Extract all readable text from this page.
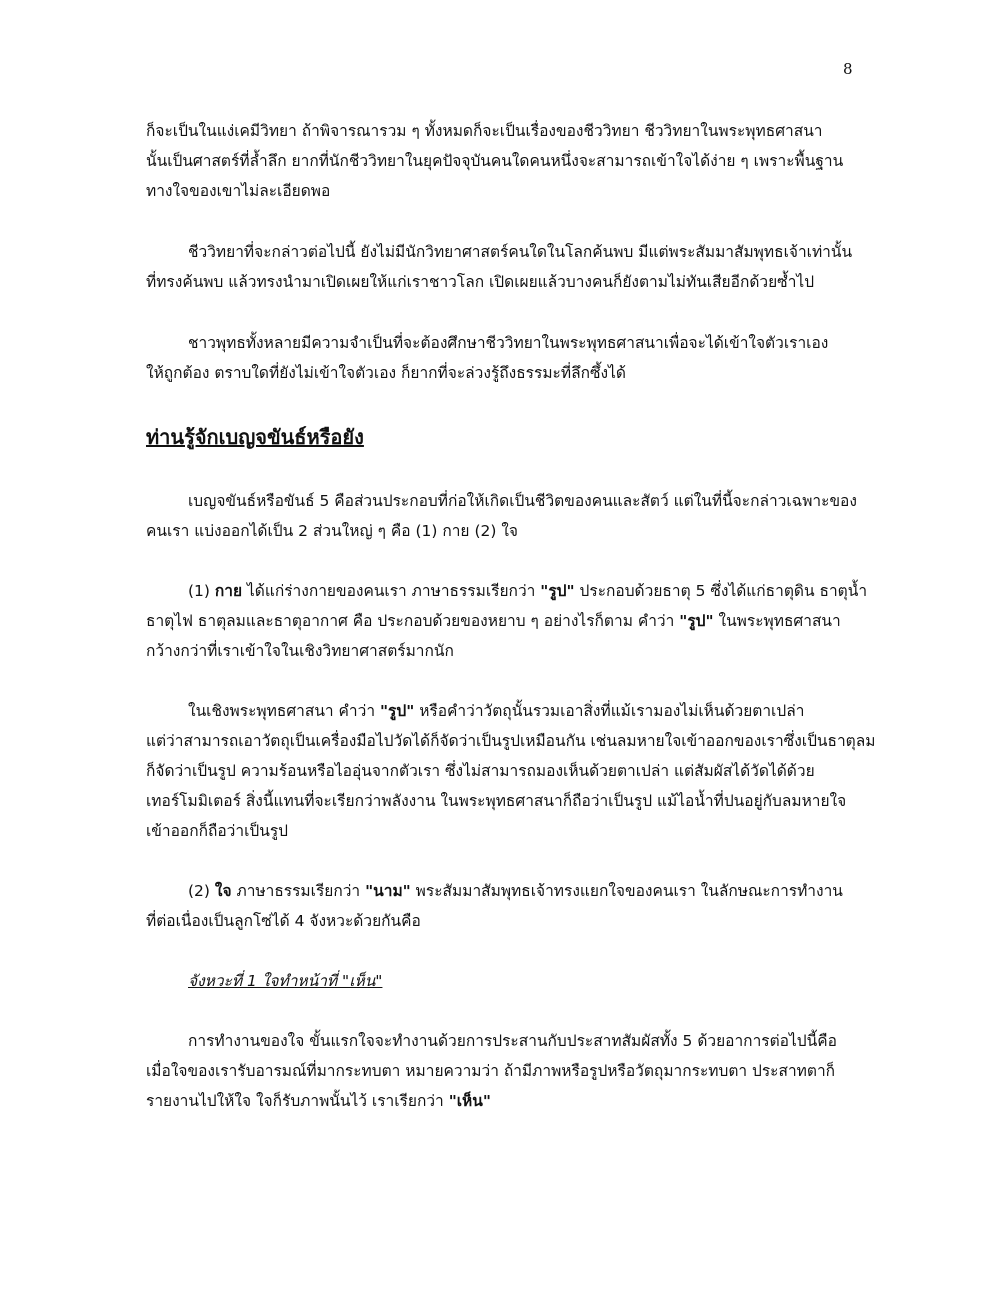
8

ก็จะเป็นในแง่เคมีวิทยา ถ้าพิจารณารวม ๆ ทั้งหมดก็จะเป็นเรื่องของชีววิทยา ชีววิทยาในพระพุทธศาสนา
นั้นเป็นศาสตร์ที่ล้ำลึก ยากที่นักชีววิทยาในยุคปัจจุบันคนใดคนหนึ่งจะสามารถเข้าใจได้ง่าย ๆ เพราะพื้นฐาน
ทางใจของเขาไม่ละเอียดพอ

ชีววิทยาที่จะกล่าวต่อไปนี้ ยังไม่มีนักวิทยาศาสตร์คนใดในโลกค้นพบ มีแต่พระสัมมาสัมพุทธเจ้าเท่านั้น
ที่ทรงค้นพบ แล้วทรงนำมาเปิดเผยให้แก่เราชาวโลก เปิดเผยแล้วบางคนก็ยังตามไม่ทันเสียอีกด้วยซ้ำไป

ชาวพุทธทั้งหลายมีความจำเป็นที่จะต้องศึกษาชีววิทยาในพระพุทธศาสนาเพื่อจะได้เข้าใจตัวเราเอง
ให้ถูกต้อง ตราบใดที่ยังไม่เข้าใจตัวเอง ก็ยากที่จะล่วงรู้ถึงธรรมะที่ลึกซึ้งได้

ท่านรู้จักเบญจขันธ์หรือยัง

เบญจขันธ์หรือขันธ์ 5 คือส่วนประกอบที่ก่อให้เกิดเป็นชีวิตของคนและสัตว์ แต่ในที่นี้จะกล่าวเฉพาะของ
คนเรา แบ่งออกได้เป็น 2 ส่วนใหญ่ ๆ คือ (1) กาย (2) ใจ

(1) กาย ได้แก่ร่างกายของคนเรา ภาษาธรรมเรียกว่า "รูป" ประกอบด้วยธาตุ 5 ซึ่งได้แก่ธาตุดิน ธาตุน้ำ
ธาตุไฟ ธาตุลมและธาตุอากาศ คือ ประกอบด้วยของหยาบ ๆ อย่างไรก็ตาม คำว่า "รูป" ในพระพุทธศาสนา
กว้างกว่าที่เราเข้าใจในเชิงวิทยาศาสตร์มากนัก

ในเชิงพระพุทธศาสนา คำว่า "รูป" หรือคำว่าวัตถุนั้นรวมเอาสิ่งที่แม้เรามองไม่เห็นด้วยตาเปล่า
แต่ว่าสามารถเอาวัตถุเป็นเครื่องมือไปวัดได้ก็จัดว่าเป็นรูปเหมือนกัน เช่นลมหายใจเข้าออกของเราซึ่งเป็นธาตุลม
ก็จัดว่าเป็นรูป ความร้อนหรือไออุ่นจากตัวเรา ซึ่งไม่สามารถมองเห็นด้วยตาเปล่า แต่สัมผัสได้วัดได้ด้วย
เทอร์โมมิเตอร์ สิ่งนี้แทนที่จะเรียกว่าพลังงาน ในพระพุทธศาสนาก็ถือว่าเป็นรูป แม้ไอน้ำที่ปนอยู่กับลมหายใจ
เข้าออกก็ถือว่าเป็นรูป

(2) ใจ ภาษาธรรมเรียกว่า "นาม" พระสัมมาสัมพุทธเจ้าทรงแยกใจของคนเรา ในลักษณะการทำงาน
ที่ต่อเนื่องเป็นลูกโซ่ได้ 4 จังหวะด้วยกันคือ

จังหวะที่ 1 ใจทำหน้าที่ "เห็น"

การทำงานของใจ ขั้นแรกใจจะทำงานด้วยการประสานกับประสาทสัมผัสทั้ง 5 ด้วยอาการต่อไปนี้คือ
เมื่อใจของเรารับอารมณ์ที่มากระทบตา หมายความว่า ถ้ามีภาพหรือรูปหรือวัตถุมากระทบตา ประสาทตาก็
รายงานไปให้ใจ ใจก็รับภาพนั้นไว้ เราเรียกว่า "เห็น"
